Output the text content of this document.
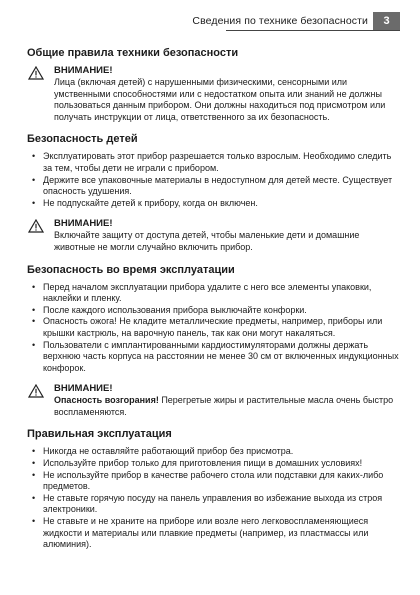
Сведения по технике безопасности	3
Общие правила техники безопасности
ВНИМАНИЕ!
Лица (включая детей) с нарушенными физическими, сенсорными или умственными способностями или с недостатком опыта или знаний не должны пользоваться данным прибором. Они должны находиться под присмотром или получать инструкции от лица, ответственного за их безопасность.
Безопасность детей
• Эксплуатировать этот прибор разрешается только взрослым. Необходимо следить за тем, чтобы дети не играли с прибором.
• Держите все упаковочные материалы в недоступном для детей месте. Существует опасность удушения.
• Не подпускайте детей к прибору, когда он включен.
ВНИМАНИЕ!
Включайте защиту от доступа детей, чтобы маленькие дети и домашние животные не могли случайно включить прибор.
Безопасность во время эксплуатации
• Перед началом эксплуатации прибора удалите с него все элементы упаковки, наклейки и пленку.
• После каждого использования прибора выключайте конфорки.
• Опасность ожога! Не кладите металлические предметы, например, приборы или крышки кастрюль, на варочную панель, так как они могут накаляться.
• Пользователи с имплантированными кардиостимуляторами должны держать верхнюю часть корпуса на расстоянии не менее 30 см от включенных индукционных конфорок.
ВНИМАНИЕ!
Опасность возгорания! Перегретые жиры и растительные масла очень быстро воспламеняются.
Правильная эксплуатация
• Никогда не оставляйте работающий прибор без присмотра.
• Используйте прибор только для приготовления пищи в домашних условиях!
• Не используйте прибор в качестве рабочего стола или подставки для каких-либо предметов.
• Не ставьте горячую посуду на панель управления во избежание выхода из строя электроники.
• Не ставьте и не храните на приборе или возле него легковоспламеняющиеся жидкости и материалы или плавкие предметы (например, из пластмассы или алюминия).
